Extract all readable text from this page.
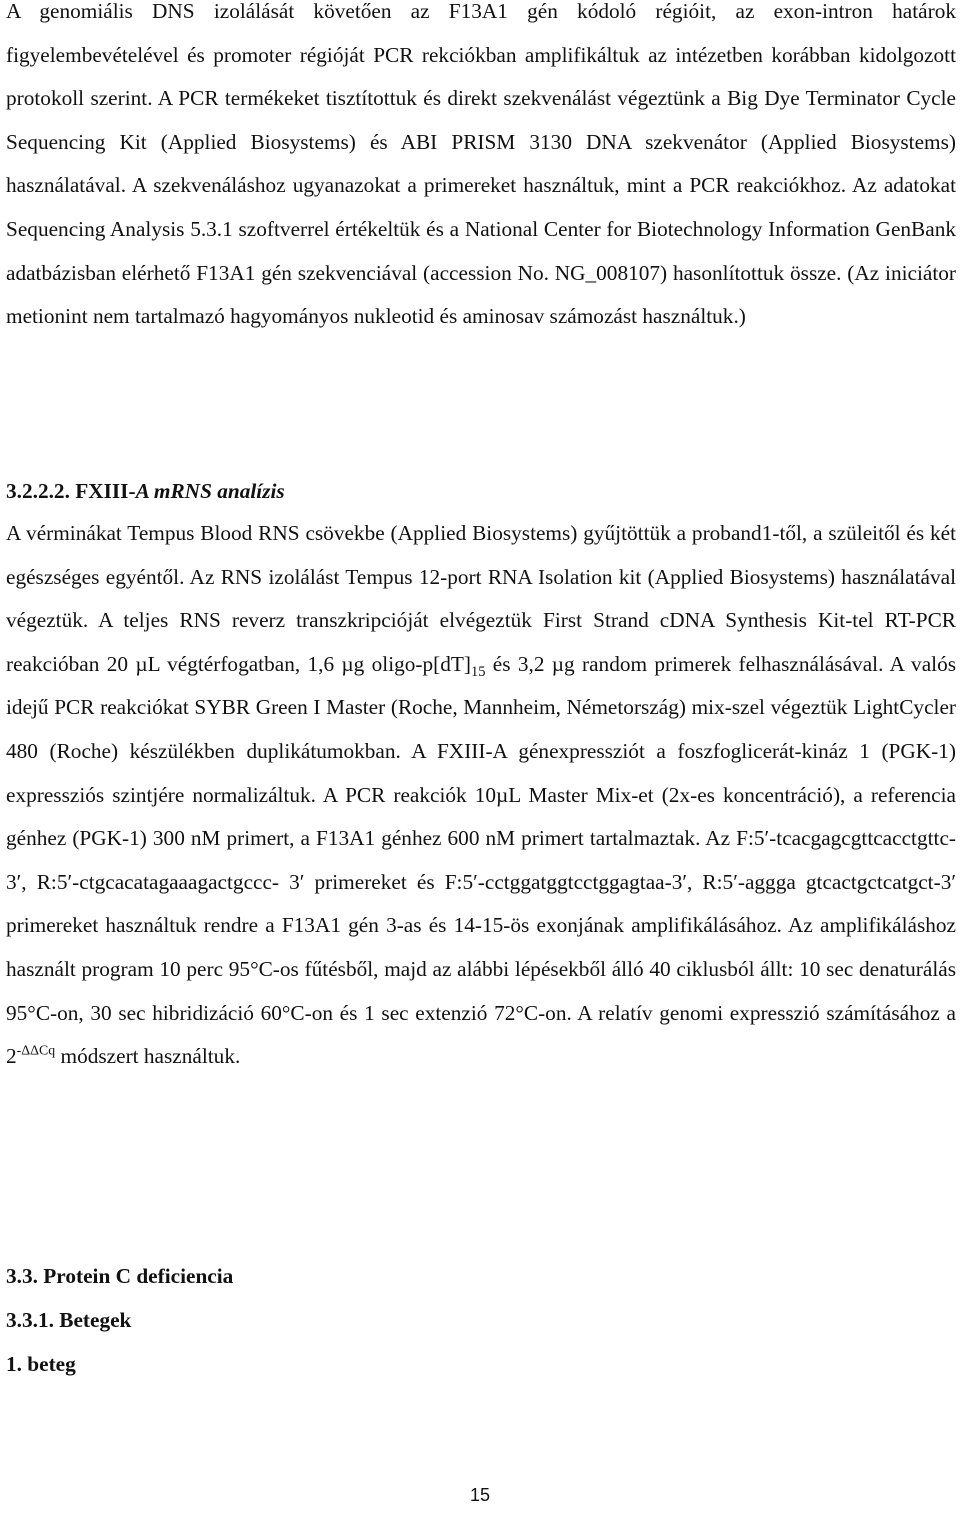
A genomiális DNS izolálását követően az F13A1 gén kódoló régióit, az exon-intron határok figyelembevételével és promoter régióját PCR rekciókban amplifikáltuk az intézetben korábban kidolgozott protokoll szerint. A PCR termékeket tisztítottuk és direkt szekvenálást végeztünk a Big Dye Terminator Cycle Sequencing Kit (Applied Biosystems) és ABI PRISM 3130 DNA szekvenátor (Applied Biosystems) használatával. A szekvenáláshoz ugyanazokat a primereket használtuk, mint a PCR reakciókhoz. Az adatokat Sequencing Analysis 5.3.1 szoftverrel értékeltük és a National Center for Biotechnology Information GenBank adatbázisban elérhető F13A1 gén szekvenciával (accession No. NG_008107) hasonlítottuk össze. (Az iniciátor metionint nem tartalmazó hagyományos nukleotid és aminosav számozást használtuk.)

3.2.2.2. FXIII-A mRNS analízis

A vérminákat Tempus Blood RNS csövekbe (Applied Biosystems) gyűjtöttük a proband1-től, a szüleitől és két egészséges egyéntől. Az RNS izolálást Tempus 12-port RNA Isolation kit (Applied Biosystems) használatával végeztük. A teljes RNS reverz transzkripcióját elvégeztük First Strand cDNA Synthesis Kit-tel RT-PCR reakcióban 20 µL végtérfogatban, 1,6 µg oligo-$p[dT]_{15}$ és 3,2 µg random primerek felhasználásával. A valós idejű PCR reakciókat SYBR Green I Master (Roche, Mannheim, Németország) mix-szel végeztük LightCycler 480 (Roche) készülékben duplikátumokban. A FXIII-A génexpressziót a foszfoglicerát-kináz 1 (PGK-1) expressziós szintjére normalizáltuk. A PCR reakciók 10µL Master Mix-et (2x-es koncentráció), a referencia génhez (PGK-1) 300 nM primert, a F13A1 génhez 600 nM primert tartalmaztak. Az F:5′-tcacgagcgttcacctgttc-3′, R:5′-ctgcacatagaaagactgccc- 3′ primereket és F:5′-cctggatggtcctggagtaa-3′, R:5′-aggga gtcactgctcatgct-3′ primereket használtuk rendre a F13A1 gén 3-as és 14-15-ös exonjának amplifikálásához. Az amplifikáláshoz használt program 10 perc 95°C-os fűtésből, majd az alábbi lépésekből álló 40 ciklusból állt: 10 sec denaturálás 95°C-on, 30 sec hibridizáció 60°C-on és 1 sec extenzió 72°C-on. A relatív genomi expresszió számításához a $2^{-\Delta\Delta Cq}$ módszert használtuk.

3.3. Protein C deficiencia
3.3.1. Betegek
1. beteg
15
